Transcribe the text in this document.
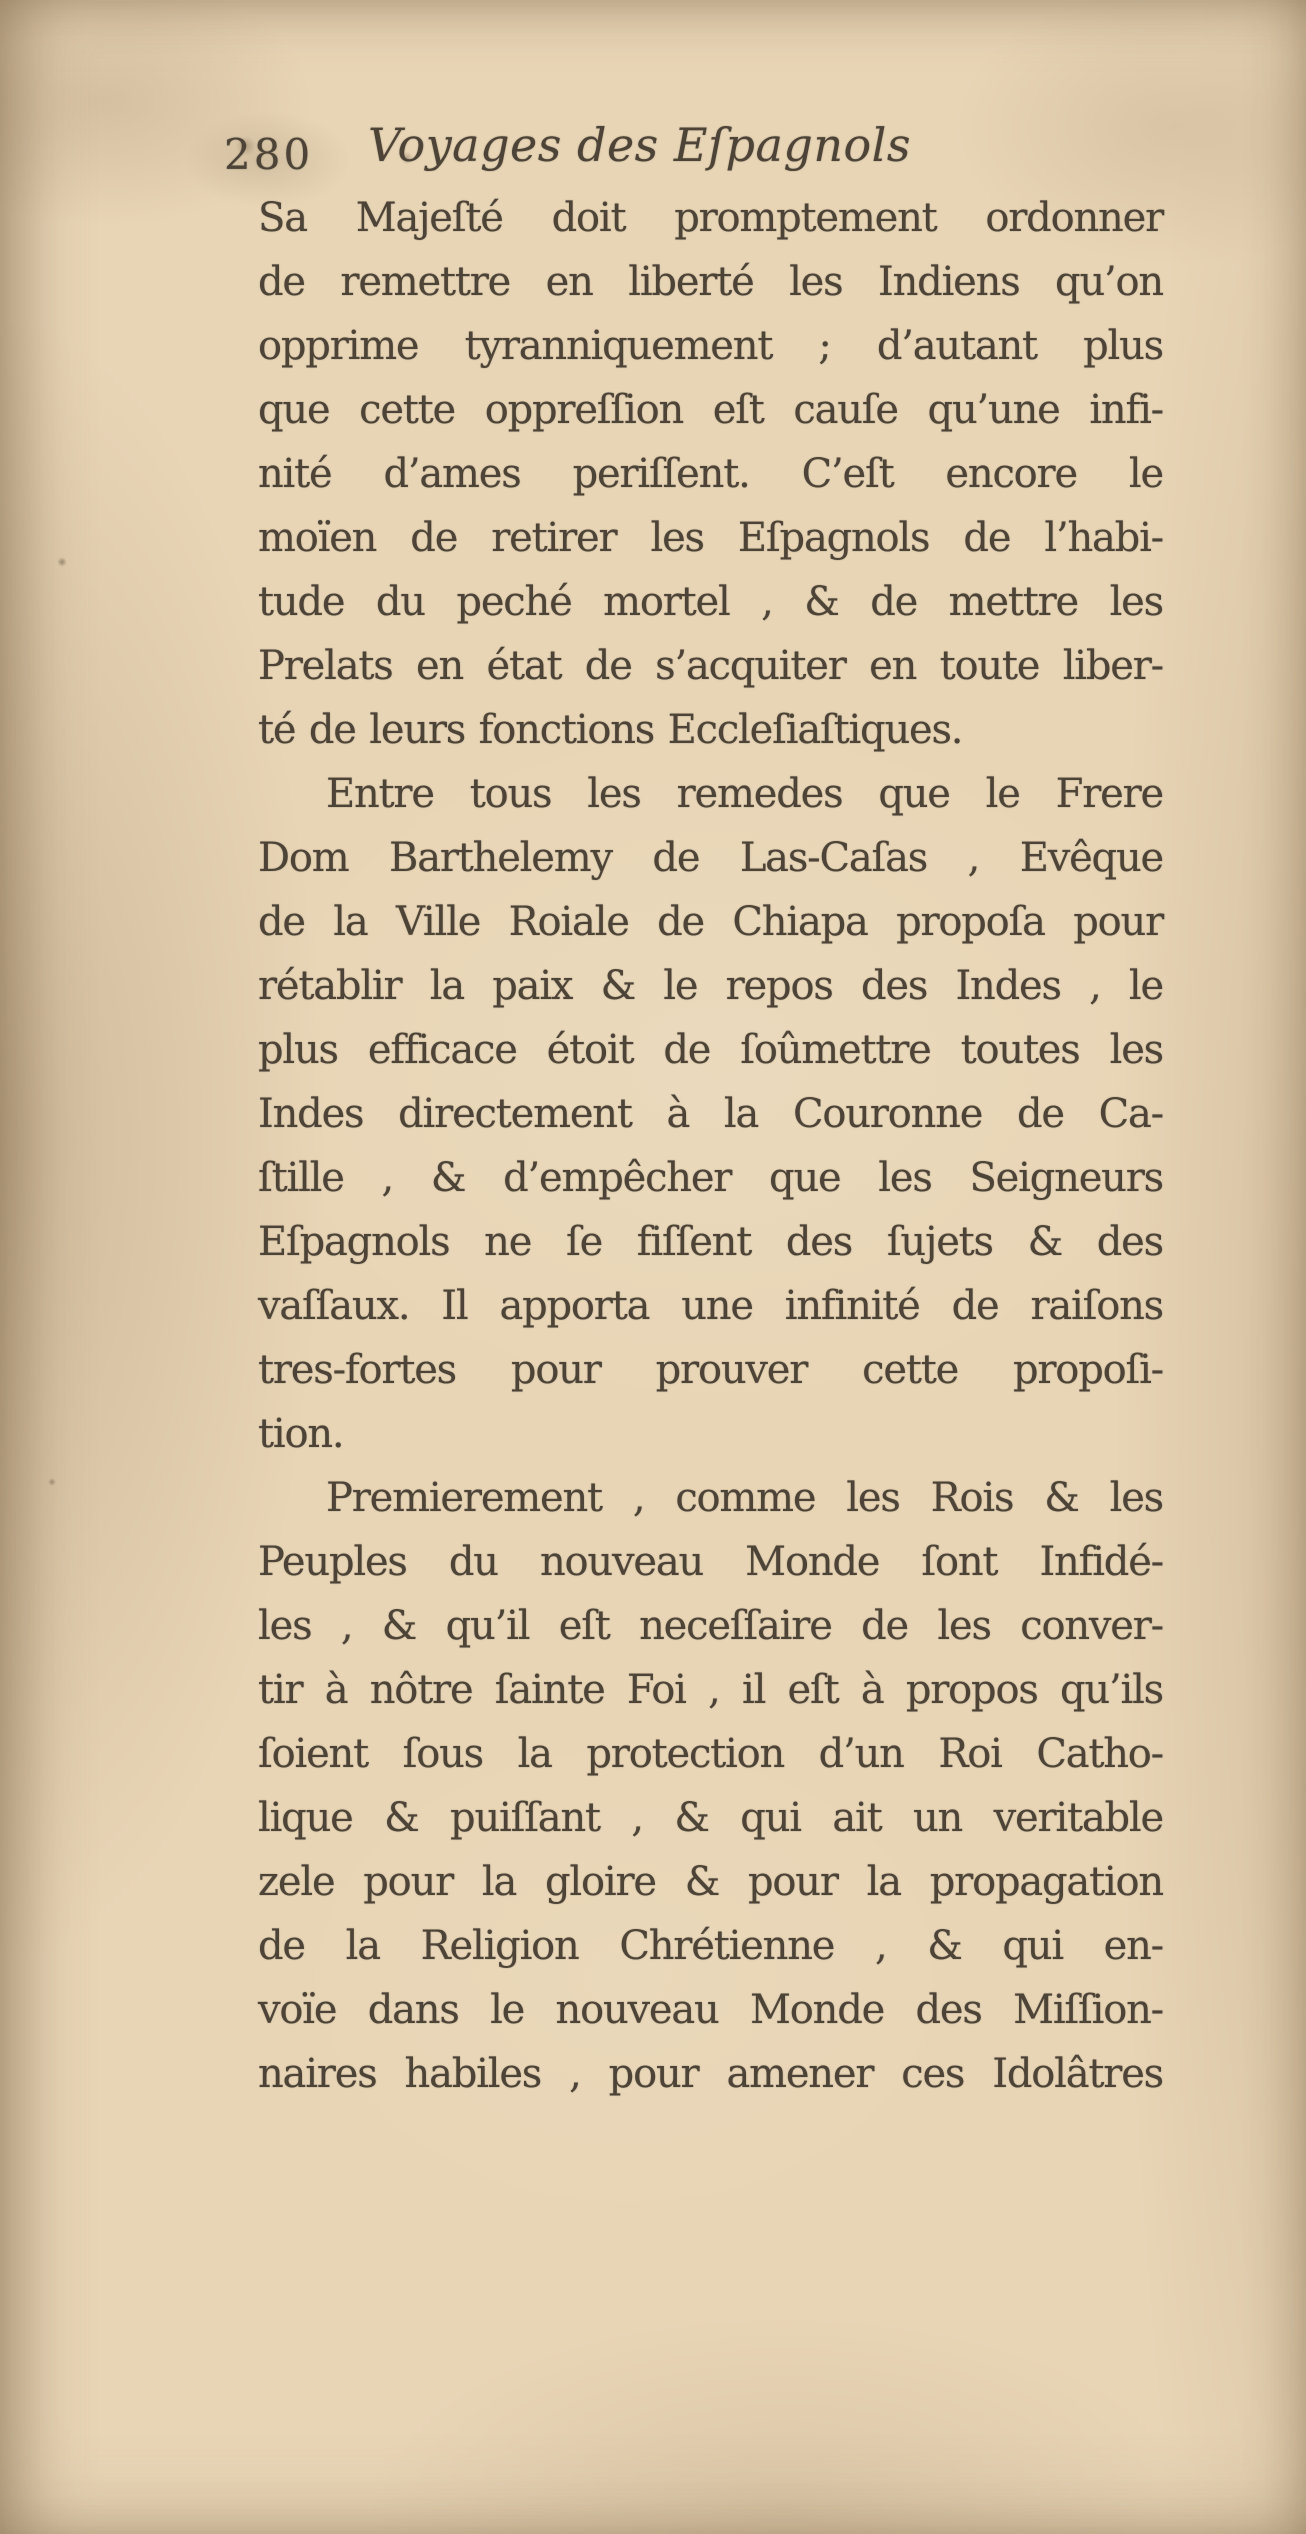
280 Voyages des Eſpagnols
Sa Majeſté doit promptement ordonner
de remettre en liberté les Indiens qu’on
opprime tyranniquement ; d’autant plus
que cette oppreſſion eſt cauſe qu’une infi-
nité d’ames periſſent. C’eſt encore le
moïen de retirer les Eſpagnols de l’habi-
tude du peché mortel , & de mettre les
Prelats en état de s’acquiter en toute liber-
té de leurs fonctions Eccleſiaſtiques.
Entre tous les remedes que le Frere
Dom Barthelemy de Las-Caſas , Evêque
de la Ville Roiale de Chiapa propoſa pour
rétablir la paix & le repos des Indes , le
plus efficace étoit de ſoûmettre toutes les
Indes directement à la Couronne de Ca-
ſtille , & d’empêcher que les Seigneurs
Eſpagnols ne ſe fiſſent des ſujets & des
vaſſaux. Il apporta une infinité de raiſons
tres-fortes pour prouver cette propoſi-
tion.
Premierement , comme les Rois & les
Peuples du nouveau Monde ſont Infidé-
les , & qu’il eſt neceſſaire de les conver-
tir à nôtre ſainte Foi , il eſt à propos qu’ils
ſoient ſous la protection d’un Roi Catho-
lique & puiſſant , & qui ait un veritable
zele pour la gloire & pour la propagation
de la Religion Chrétienne , & qui en-
voïe dans le nouveau Monde des Miſſion-
naires habiles , pour amener ces Idolâtres
